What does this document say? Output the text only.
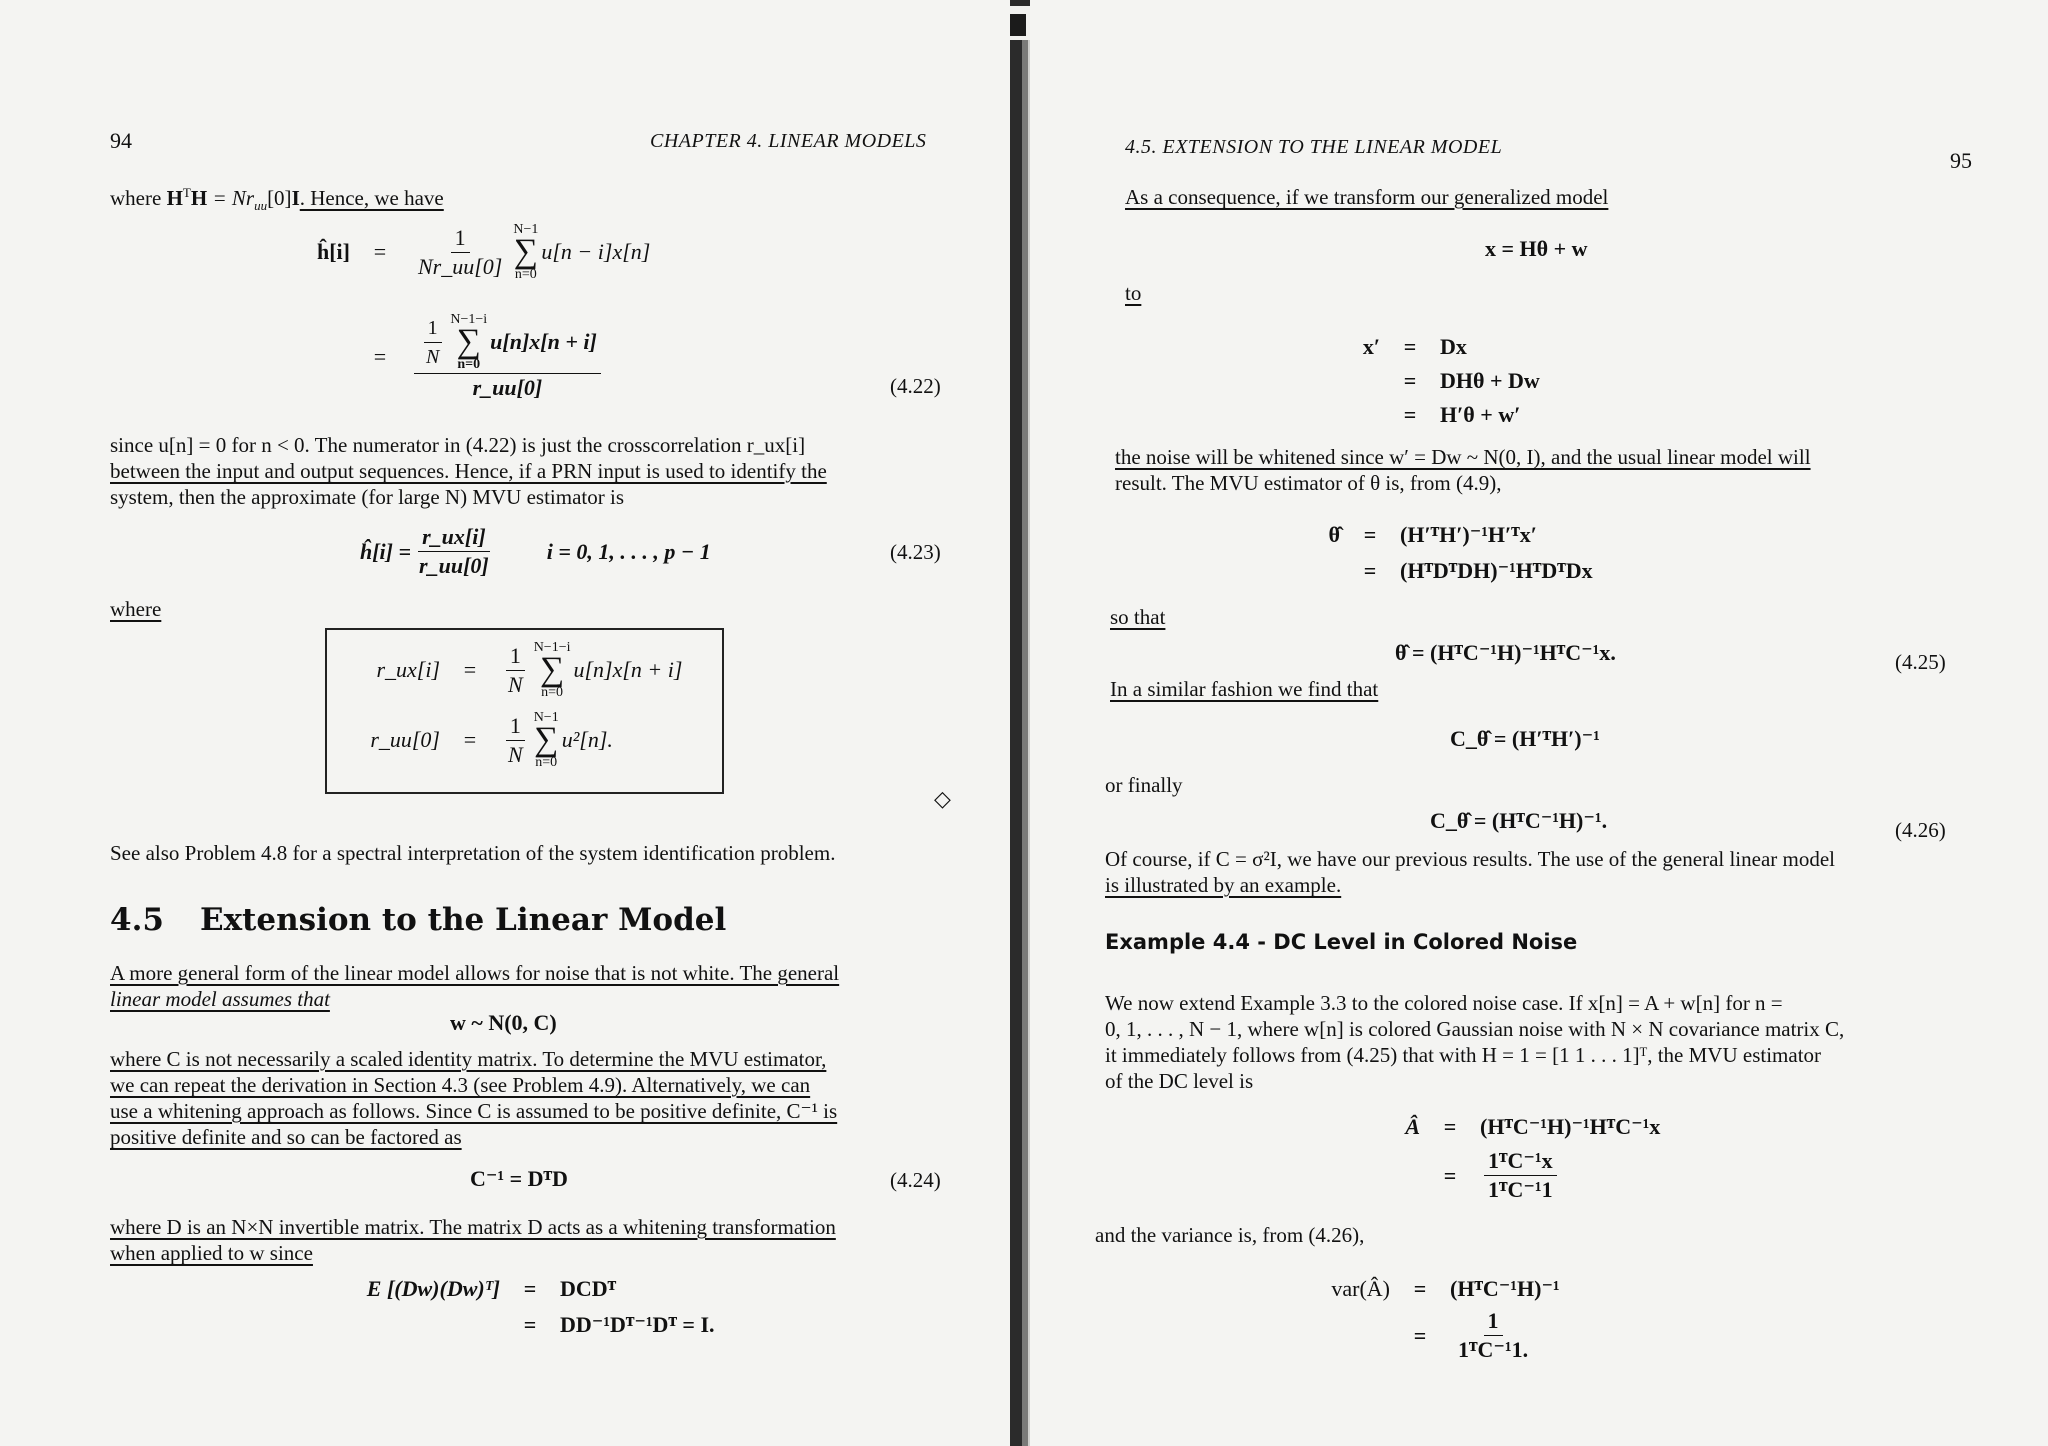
94	CHAPTER 4. LINEAR MODELS
where $H^TH = Nr_{uu}[0]I$. Hence, we have
ĥ[i]	=	$\frac{1}{Nr\_uu[0]} N-1$
∑
n=0
u[n − i]x[n]
=	$\frac{1}{N} N-1-i$
∑
n=0
u[n]x[n + i]
r_uu[0]	(4.22)
since u[n] = 0 for n < 0. The numerator in (4.22) is just the crosscorrelation r_ux[i]
between the input and output sequences. Hence, if a PRN input is used to identify the
system, then the approximate (for large N) MVU estimator is
ĥ[i] = $\frac{r\_ux[i]}{r\_uu[0]}$ i = 0, 1, . . . , p − 1	(4.23)
where
r_ux[i]	=	$\frac{1}{N} N-1-i$
∑
n=0
u[n]x[n + i]
r_uu[0]	=	$\frac{1}{N} N-1$
∑
n=0
u²[n].
◇
See also Problem 4.8 for a spectral interpretation of the system identification problem.
4.5 Extension to the Linear Model
A more general form of the linear model allows for noise that is not white. The general
linear model assumes that
w ~ N(0, C)
where C is not necessarily a scaled identity matrix. To determine the MVU estimator,
we can repeat the derivation in Section 4.3 (see Problem 4.9). Alternatively, we can
use a whitening approach as follows. Since C is assumed to be positive definite, C⁻¹ is
positive definite and so can be factored as
C⁻¹ = DᵀD	(4.24)
where D is an N×N invertible matrix. The matrix D acts as a whitening transformation
when applied to w since
E [(Dw)(Dw)ᵀ]	=	DCDᵀ
=	DD⁻¹Dᵀ⁻¹Dᵀ = I.
4.5. EXTENSION TO THE LINEAR MODEL
95
As a consequence, if we transform our generalized model
x = Hθ + w
to
x′	=	Dx
=	DHθ + Dw
=	H′θ + w′
the noise will be whitened since w′ = Dw ~ N(0, I), and the usual linear model will
result. The MVU estimator of θ is, from (4.9),
θ̂	=	(H′ᵀH′)⁻¹H′ᵀx′
=	(HᵀDᵀDH)⁻¹HᵀDᵀDx
so that
θ̂ = (HᵀC⁻¹H)⁻¹HᵀC⁻¹x.	(4.25)
In a similar fashion we find that
C_θ̂ = (H′ᵀH′)⁻¹
or finally
C_θ̂ = (HᵀC⁻¹H)⁻¹.	(4.26)
Of course, if C = σ²I, we have our previous results. The use of the general linear model
is illustrated by an example.
Example 4.4 - DC Level in Colored Noise
We now extend Example 3.3 to the colored noise case. If x[n] = A + w[n] for n =
0, 1, . . . , N − 1, where w[n] is colored Gaussian noise with N × N covariance matrix C,
it immediately follows from (4.25) that with H = 1 = [1 1 . . . 1]ᵀ, the MVU estimator
of the DC level is
Â	=	(HᵀC⁻¹H)⁻¹HᵀC⁻¹x
=	$\frac{\text{1ᵀC⁻¹x}}{\text{1ᵀC⁻¹1}}$
and the variance is, from (4.26),
var(Â)	=	(HᵀC⁻¹H)⁻¹
=	$\frac{1}{\text{1ᵀC⁻¹1.}}$
